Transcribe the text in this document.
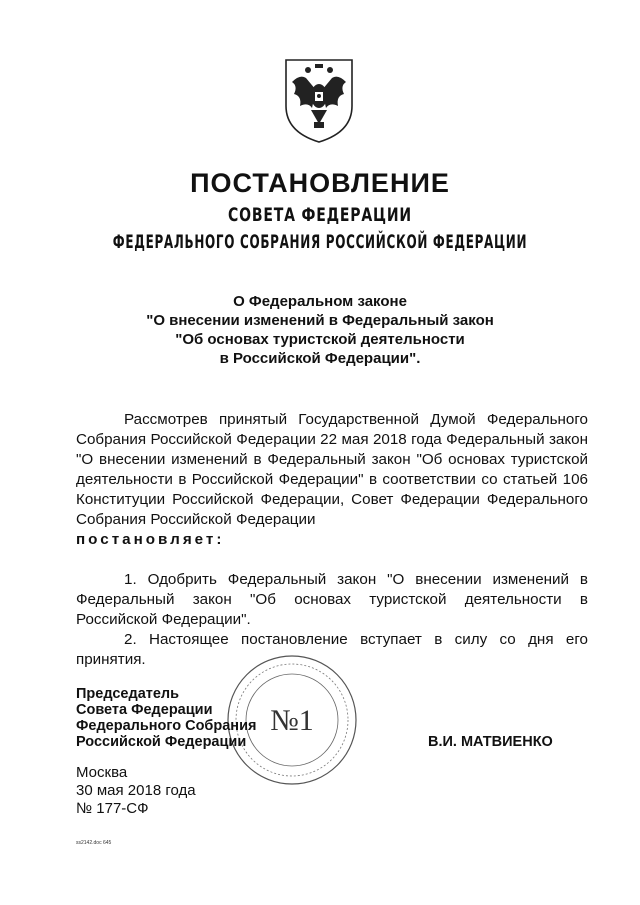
ПОСТАНОВЛЕНИЕ
СОВЕТА ФЕДЕРАЦИИ
ФЕДЕРАЛЬНОГО СОБРАНИЯ РОССИЙСКОЙ ФЕДЕРАЦИИ
О Федеральном законе
"О внесении изменений в Федеральный закон
"Об основах туристской деятельности
в Российской Федерации".

Рассмотрев принятый Государственной Думой Федерального Собрания Российской Федерации 22 мая 2018 года Федеральный закон "О внесении изменений в Федеральный закон "Об основах туристской деятельности в Российской Федерации" в соответствии со статьей 106 Конституции Российской Федерации, Совет Федерации Федерального Собрания Российской Федерации

постановляет:

1. Одобрить Федеральный закон "О внесении изменений в Федеральный закон "Об основах туристской деятельности в Российской Федерации".

2. Настоящее постановление вступает в силу со дня его принятия.

№1
Председатель
Совета Федерации
Федерального Собрания
Российской Федерации	В.И. МАТВИЕНКО
Москва
30 мая 2018 года
№ 177-СФ
ss2142.doc 645
